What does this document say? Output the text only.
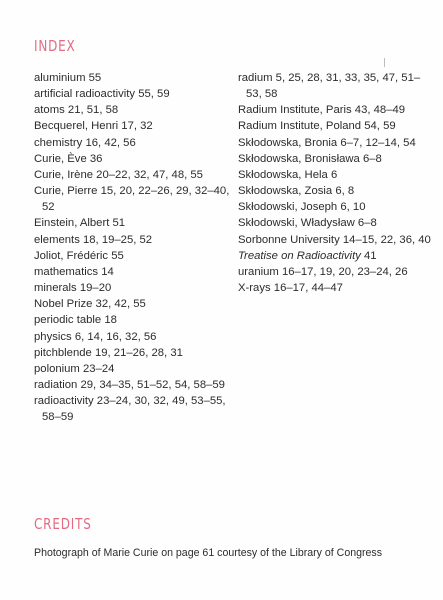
INDEX
aluminium 55
artificial radioactivity 55, 59
atoms 21, 51, 58
Becquerel, Henri 17, 32
chemistry 16, 42, 56
Curie, Ève 36
Curie, Irène 20–22, 32, 47, 48, 55
Curie, Pierre 15, 20, 22–26, 29, 32–40, 52
Einstein, Albert 51
elements 18, 19–25, 52
Joliot, Frédéric 55
mathematics 14
minerals 19–20
Nobel Prize 32, 42, 55
periodic table 18
physics 6, 14, 16, 32, 56
pitchblende 19, 21–26, 28, 31
polonium 23–24
radiation 29, 34–35, 51–52, 54, 58–59
radioactivity 23–24, 30, 32, 49, 53–55, 58–59
radium 5, 25, 28, 31, 33, 35, 47, 51–53, 58
Radium Institute, Paris 43, 48–49
Radium Institute, Poland 54, 59
Skłodowska, Bronia 6–7, 12–14, 54
Skłodowska, Bronisława 6–8
Skłodowska, Hela 6
Skłodowska, Zosia 6, 8
Skłodowski, Joseph 6, 10
Skłodowski, Władysław 6–8
Sorbonne University 14–15, 22, 36, 40
Treatise on Radioactivity 41
uranium 16–17, 19, 20, 23–24, 26
X-rays 16–17, 44–47
CREDITS

Photograph of Marie Curie on page 61 courtesy of the Library of Congress
